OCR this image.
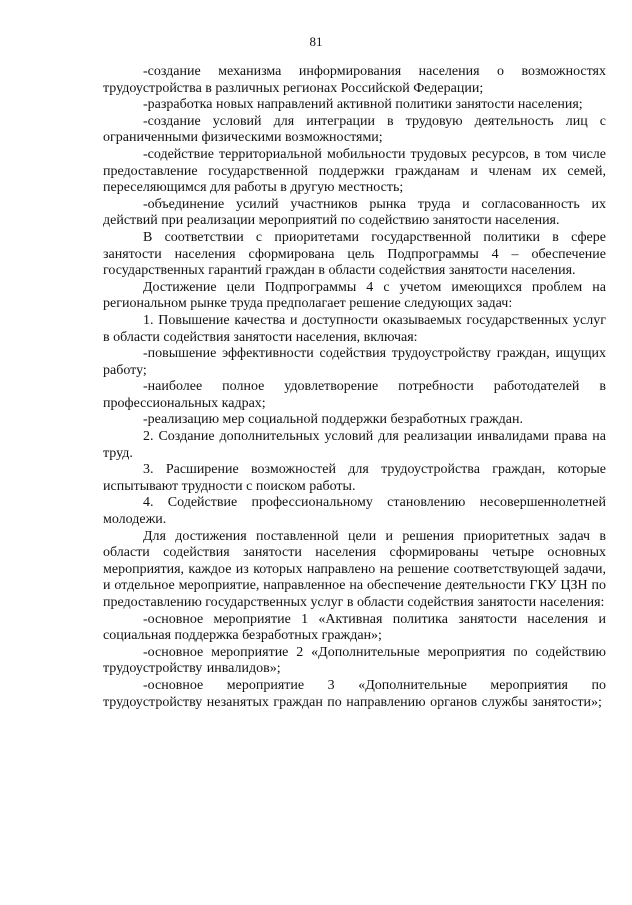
81

-создание механизма информирования населения о возможностях трудоустройства в различных регионах Российской Федерации;

-разработка новых направлений активной политики занятости населения;

-создание условий для интеграции в трудовую деятельность лиц с ограниченными физическими возможностями;

-содействие территориальной мобильности трудовых ресурсов, в том числе предоставление государственной поддержки гражданам и членам их семей, переселяющимся для работы в другую местность;

-объединение усилий участников рынка труда и согласованность их действий при реализации мероприятий по содействию занятости населения.

В соответствии с приоритетами государственной политики в сфере занятости населения сформирована цель Подпрограммы 4 – обеспечение государственных гарантий граждан в области содействия занятости населения.

Достижение цели Подпрограммы 4 с учетом имеющихся проблем на региональном рынке труда предполагает решение следующих задач:

1. Повышение качества и доступности оказываемых государственных услуг в области содействия занятости населения, включая:

-повышение эффективности содействия трудоустройству граждан, ищущих работу;

-наиболее полное удовлетворение потребности работодателей в профессиональных кадрах;

-реализацию мер социальной поддержки безработных граждан.

2. Создание дополнительных условий для реализации инвалидами права на труд.

3. Расширение возможностей для трудоустройства граждан, которые испытывают трудности с поиском работы.

4. Содействие профессиональному становлению несовершеннолетней молодежи.

Для достижения поставленной цели и решения приоритетных задач в области содействия занятости населения сформированы четыре основных мероприятия, каждое из которых направлено на решение соответствующей задачи, и отдельное мероприятие, направленное на обеспечение деятельности ГКУ ЦЗН по предоставлению государственных услуг в области содействия занятости населения:

-основное мероприятие 1 «Активная политика занятости населения и социальная поддержка безработных граждан»;

-основное мероприятие 2 «Дополнительные мероприятия по содействию трудоустройству инвалидов»;

-основное мероприятие 3 «Дополнительные мероприятия по трудоустройству незанятых граждан по направлению органов службы занятости»;
